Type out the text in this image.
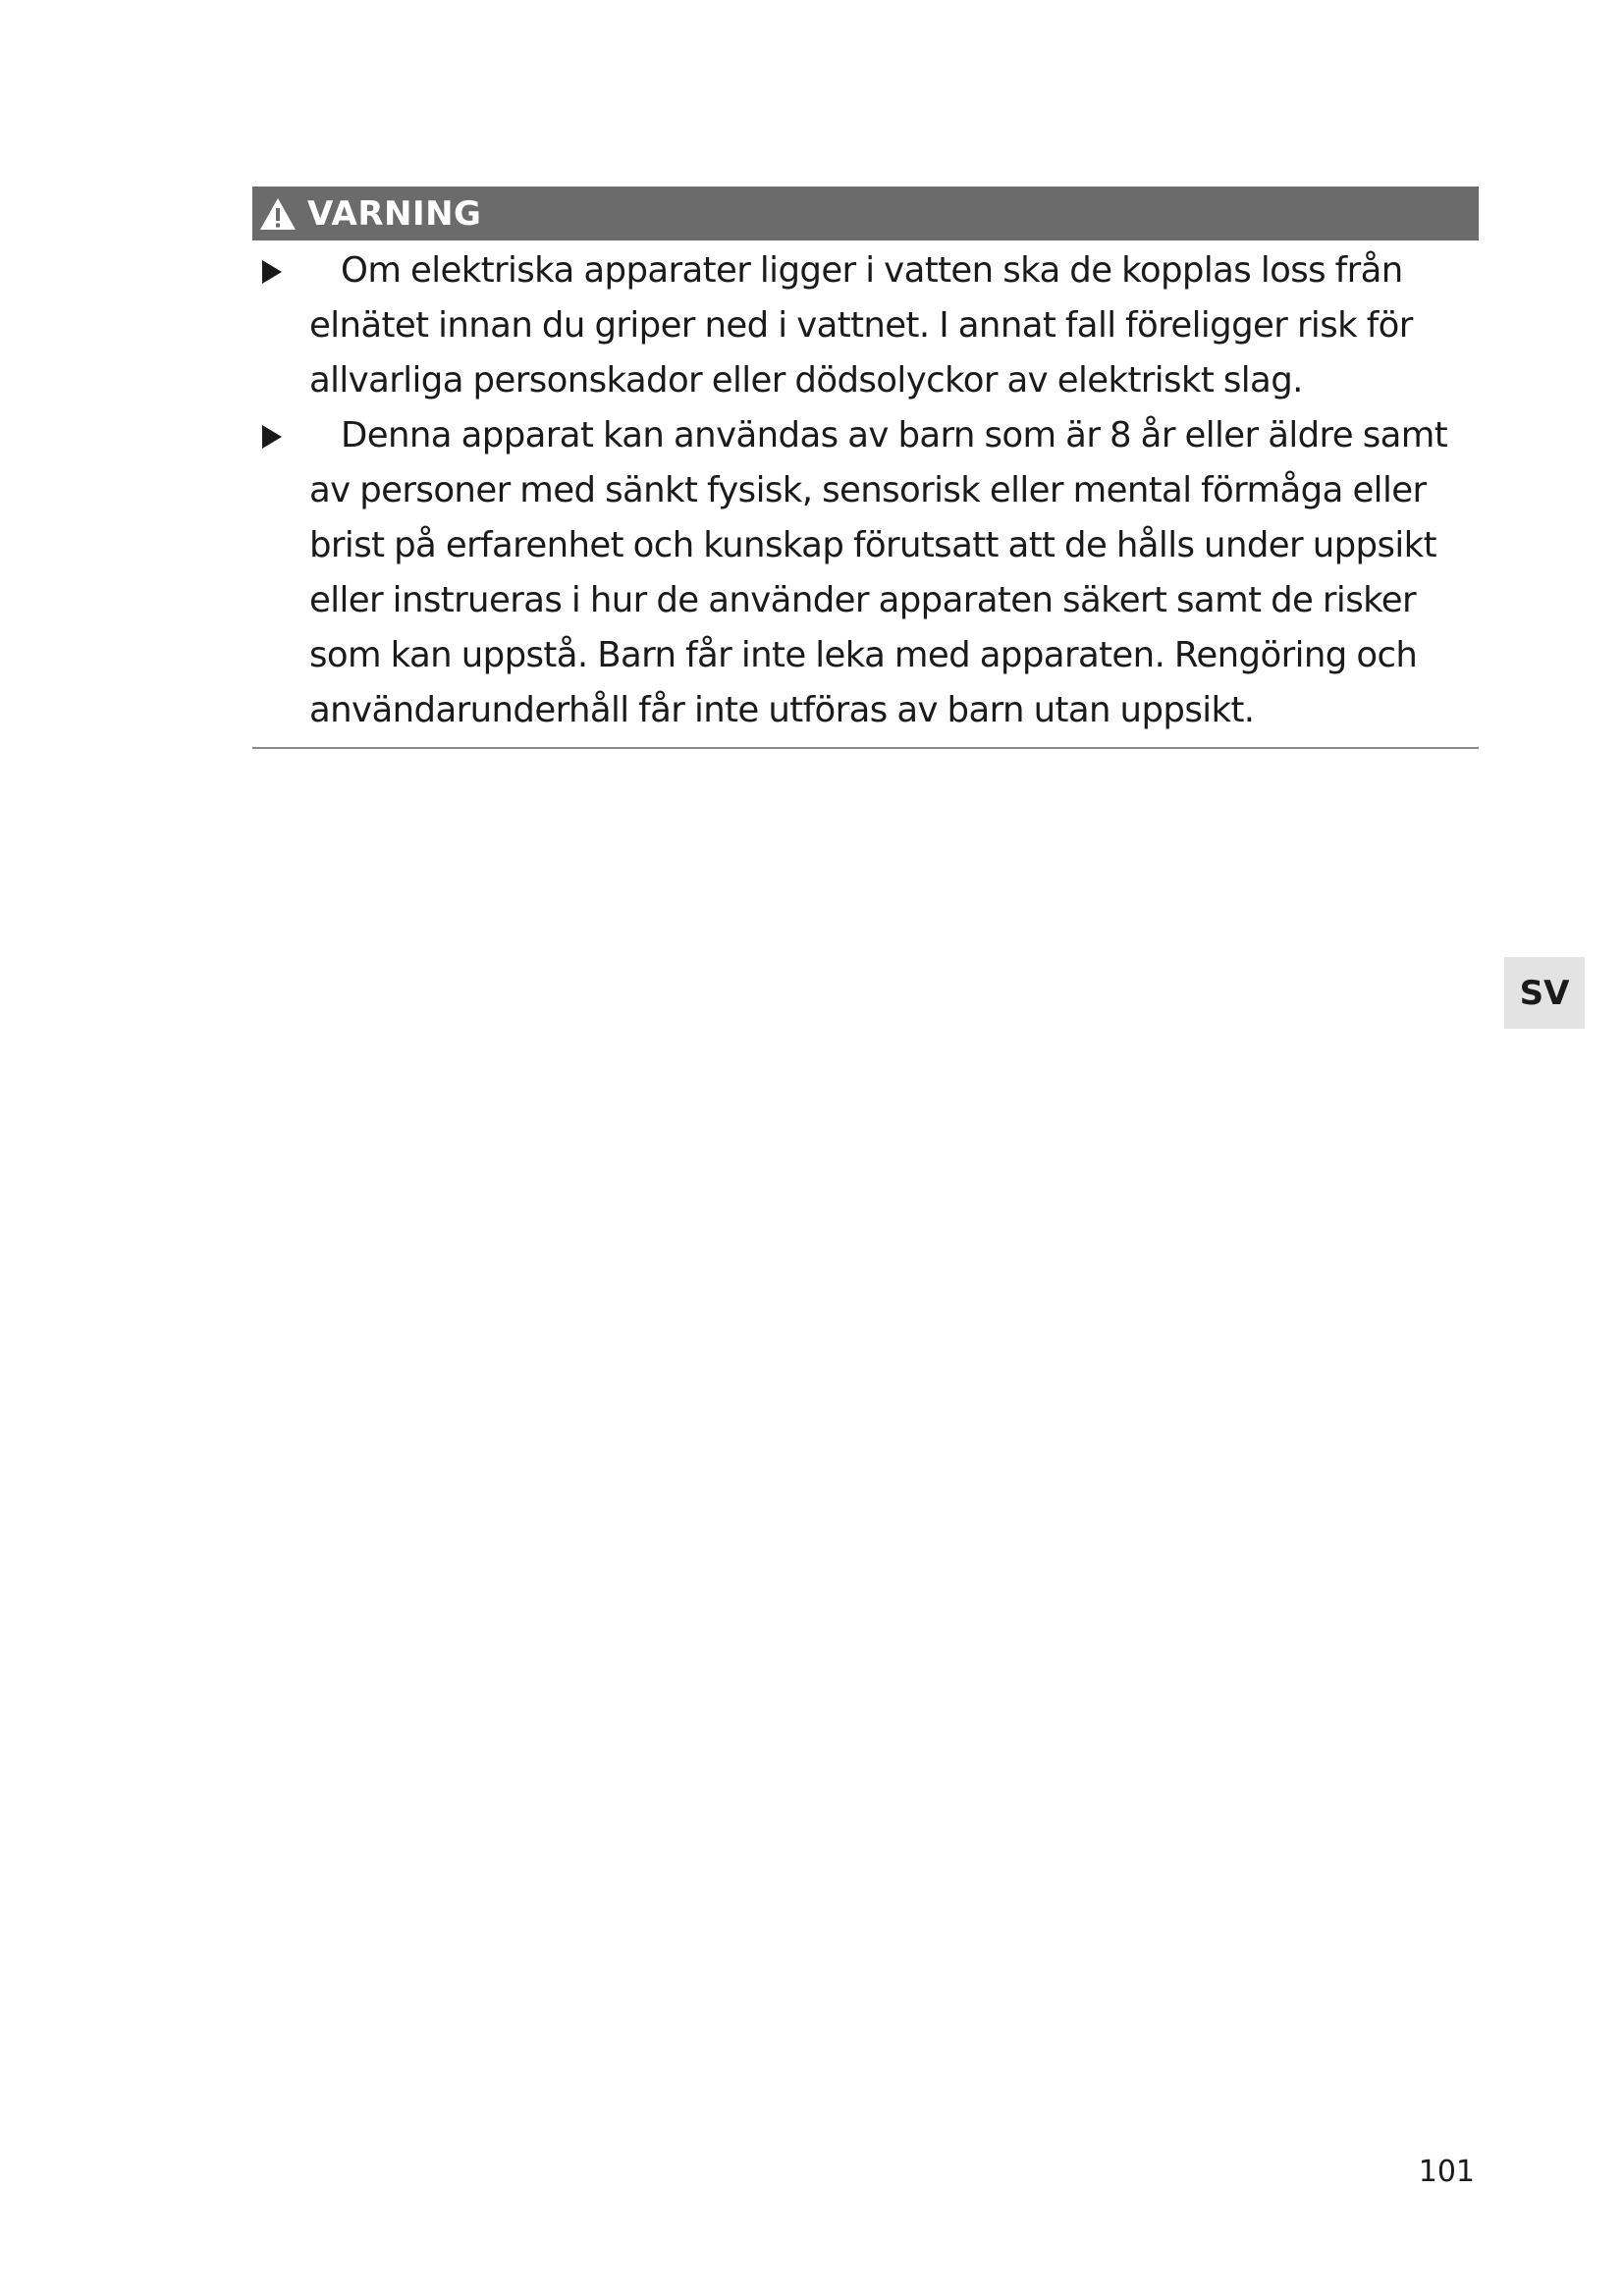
VARNING
Om elektriska apparater ligger i vatten ska de kopplas loss från elnätet innan du griper ned i vattnet. I annat fall föreligger risk för allvarliga personskador eller dödsolyckor av elektriskt slag.
Denna apparat kan användas av barn som är 8 år eller äldre samt av personer med sänkt fysisk, sensorisk eller mental förmåga eller brist på erfarenhet och kunskap förutsatt att de hålls under uppsikt eller instrueras i hur de använder apparaten säkert samt de risker som kan uppstå. Barn får inte leka med apparaten. Rengöring och användarunderhåll får inte utföras av barn utan uppsikt.
SV
101
